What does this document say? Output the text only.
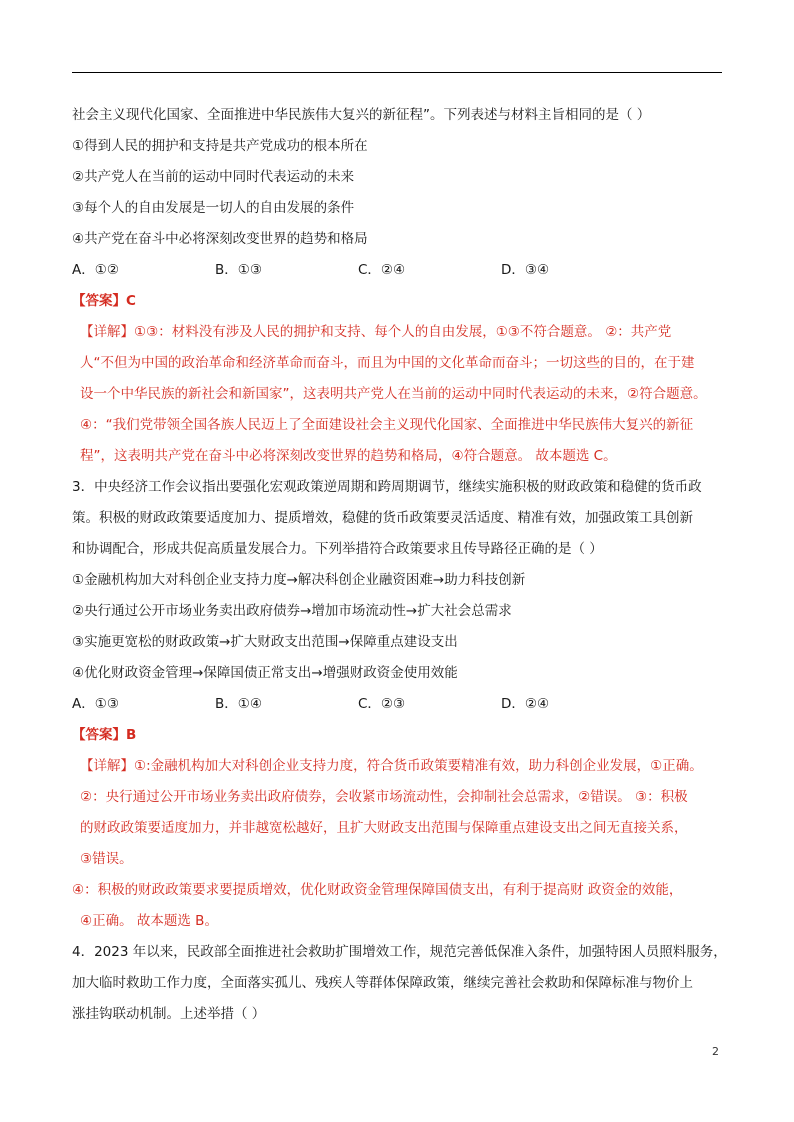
社会主义现代化国家、全面推进中华民族伟大复兴的新征程”。下列表述与材料主旨相同的是（ ）
①得到人民的拥护和支持是共产党成功的根本所在
②共产党人在当前的运动中同时代表运动的未来
③每个人的自由发展是一切人的自由发展的条件
④共产党在奋斗中必将深刻改变世界的趋势和格局
A．①②	B．①③	C．②④	D．③④
【答案】C
【详解】①③：材料没有涉及人民的拥护和支持、每个人的自由发展，①③不符合题意。 ②：共产党
人“不但为中国的政治革命和经济革命而奋斗，而且为中国的文化革命而奋斗；一切这些的目的，在于建
设一个中华民族的新社会和新国家”，这表明共产党人在当前的运动中同时代表运动的未来，②符合题意。
④：“我们党带领全国各族人民迈上了全面建设社会主义现代化国家、全面推进中华民族伟大复兴的新征
程”，这表明共产党在奋斗中必将深刻改变世界的趋势和格局，④符合题意。 故本题选 C。
3．中央经济工作会议指出要强化宏观政策逆周期和跨周期调节，继续实施积极的财政政策和稳健的货币政
策。积极的财政政策要适度加力、提质增效，稳健的货币政策要灵活适度、精准有效，加强政策工具创新
和协调配合，形成共促高质量发展合力。下列举措符合政策要求且传导路径正确的是（ ）
①金融机构加大对科创企业支持力度→解决科创企业融资困难→助力科技创新
②央行通过公开市场业务卖出政府债券→增加市场流动性→扩大社会总需求
③实施更宽松的财政政策→扩大财政支出范围→保障重点建设支出
④优化财政资金管理→保障国债正常支出→增强财政资金使用效能
A．①③	B．①④	C．②③	D．②④
【答案】B
【详解】①:金融机构加大对科创企业支持力度，符合货币政策要精准有效，助力科创企业发展，①正确。
②：央行通过公开市场业务卖出政府债券，会收紧市场流动性，会抑制社会总需求，②错误。 ③：积极
的财政政策要适度加力，并非越宽松越好，且扩大财政支出范围与保障重点建设支出之间无直接关系，
③错误。
④：积极的财政政策要求要提质增效，优化财政资金管理保障国债支出，有利于提高财 政资金的效能，
④正确。 故本题选 B。
4．2023 年以来，民政部全面推进社会救助扩围增效工作，规范完善低保准入条件，加强特困人员照料服务，
加大临时救助工作力度，全面落实孤儿、残疾人等群体保障政策，继续完善社会救助和保障标准与物价上
涨挂钩联动机制。上述举措（ ）
2
